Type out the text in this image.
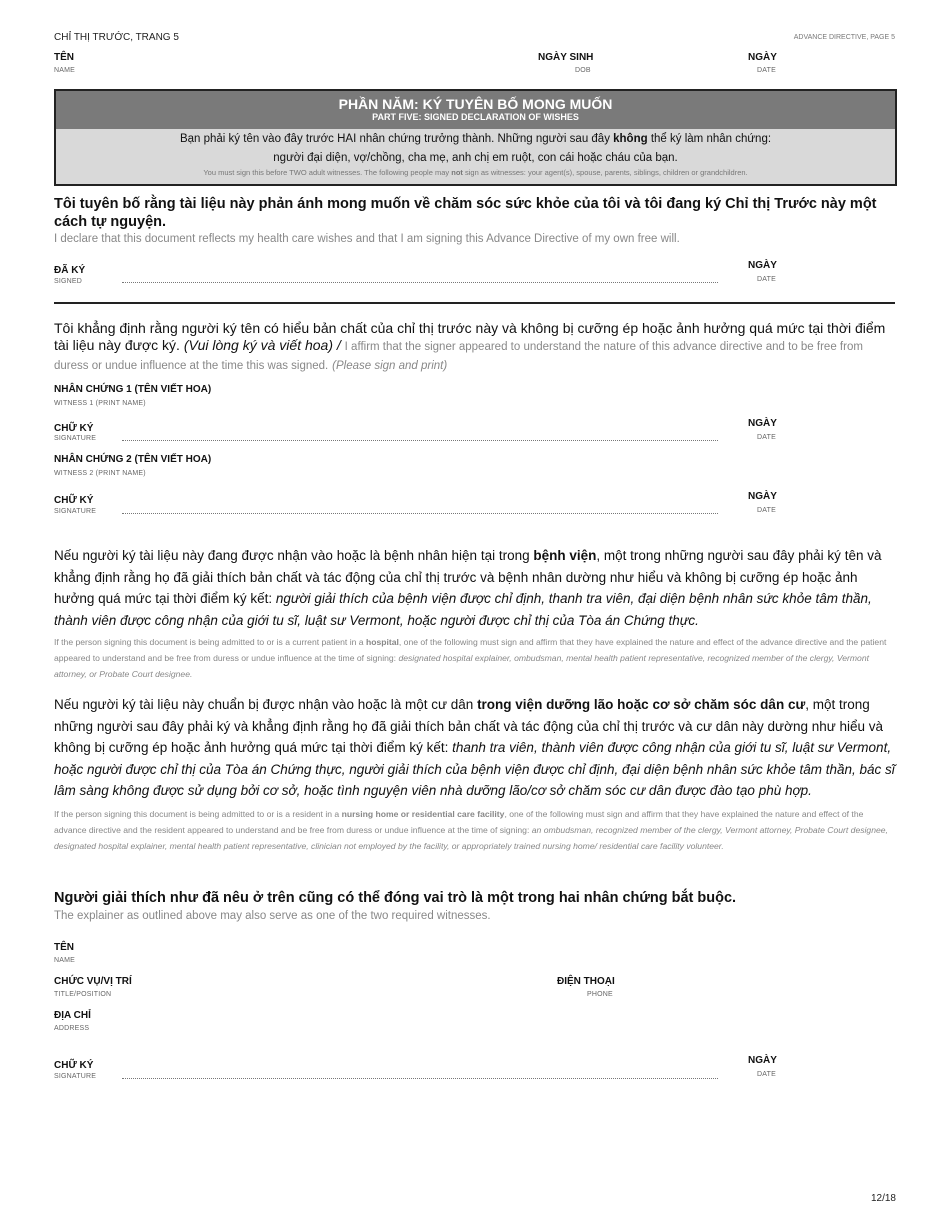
CHỈ THỊ TRƯỚC, TRANG 5	ADVANCE DIRECTIVE, PAGE 5
TÊN
NAME
NGÀY SINH
DOB
NGÀY
DATE
PHẦN NĂM: KÝ TUYÊN BỐ MONG MUỐN
PART FIVE: SIGNED DECLARATION OF WISHES
Bạn phải ký tên vào đây trước HAI nhân chứng trưởng thành. Những người sau đây không thể ký làm nhân chứng:
người đại diện, vợ/chồng, cha mẹ, anh chị em ruột, con cái hoặc cháu của bạn.
You must sign this before TWO adult witnesses. The following people may not sign as witnesses: your agent(s), spouse, parents, siblings, children or grandchildren.
Tôi tuyên bố rằng tài liệu này phản ánh mong muốn về chăm sóc sức khỏe của tôi và tôi đang ký Chỉ thị Trước này một cách tự nguyện.
I declare that this document reflects my health care wishes and that I am signing this Advance Directive of my own free will.
ĐÃ KÝ
SIGNED
NGÀY
DATE
Tôi khẳng định rằng người ký tên có hiểu bản chất của chỉ thị trước này và không bị cưỡng ép hoặc ảnh hưởng quá mức tại thời điểm tài liệu này được ký. (Vui lòng ký và viết hoa) / I affirm that the signer appeared to understand the nature of this advance directive and to be free from duress or undue influence at the time this was signed. (Please sign and print)
NHÂN CHỨNG 1 (TÊN VIẾT HOA)
WITNESS 1 (PRINT NAME)
CHỮ KÝ
SIGNATURE
NGÀY
DATE
NHÂN CHỨNG 2 (TÊN VIẾT HOA)
WITNESS 2 (PRINT NAME)
CHỮ KÝ
SIGNATURE
NGÀY
DATE
Nếu người ký tài liệu này đang được nhận vào hoặc là bệnh nhân hiện tại trong bệnh viện, một trong những người sau đây phải ký tên và khẳng định rằng họ đã giải thích bản chất và tác động của chỉ thị trước và bệnh nhân dường như hiểu và không bị cưỡng ép hoặc ảnh hưởng quá mức tại thời điểm ký kết: người giải thích của bệnh viện được chỉ định, thanh tra viên, đại diện bệnh nhân sức khỏe tâm thần, thành viên được công nhận của giới tu sĩ, luật sư Vermont, hoặc người được chỉ thị của Tòa án Chứng thực.
If the person signing this document is being admitted to or is a current patient in a hospital, one of the following must sign and affirm that they have explained the nature and effect of the advance directive and the patient appeared to understand and be free from duress or undue influence at the time of signing: designated hospital explainer, ombudsman, mental health patient representative, recognized member of the clergy, Vermont attorney, or Probate Court designee.
Nếu người ký tài liệu này chuẩn bị được nhận vào hoặc là một cư dân trong viện dưỡng lão hoặc cơ sở chăm sóc dân cư, một trong những người sau đây phải ký và khẳng định rằng họ đã giải thích bản chất và tác động của chỉ thị trước và cư dân này dường như hiểu và không bị cưỡng ép hoặc ảnh hưởng quá mức tại thời điểm ký kết: thanh tra viên, thành viên được công nhận của giới tu sĩ, luật sư Vermont, hoặc người được chỉ thị của Tòa án Chứng thực, người giải thích của bệnh viện được chỉ định, đại diện bệnh nhân sức khỏe tâm thần, bác sĩ lâm sàng không được sử dụng bởi cơ sở, hoặc tình nguyện viên nhà dưỡng lão/cơ sở chăm sóc cư dân được đào tạo phù hợp.
If the person signing this document is being admitted to or is a resident in a nursing home or residential care facility, one of the following must sign and affirm that they have explained the nature and effect of the advance directive and the resident appeared to understand and be free from duress or undue influence at the time of signing: an ombudsman, recognized member of the clergy, Vermont attorney, Probate Court designee, designated hospital explainer, mental health patient representative, clinician not employed by the facility, or appropriately trained nursing home/ residential care facility volunteer.
Người giải thích như đã nêu ở trên cũng có thể đóng vai trò là một trong hai nhân chứng bắt buộc.
The explainer as outlined above may also serve as one of the two required witnesses.
TÊN
NAME
CHỨC VỤ/VỊ TRÍ
TITLE/POSITION
ĐIỆN THOẠI
PHONE
ĐỊA CHỈ
ADDRESS
CHỮ KÝ
SIGNATURE
NGÀY
DATE
12/18
